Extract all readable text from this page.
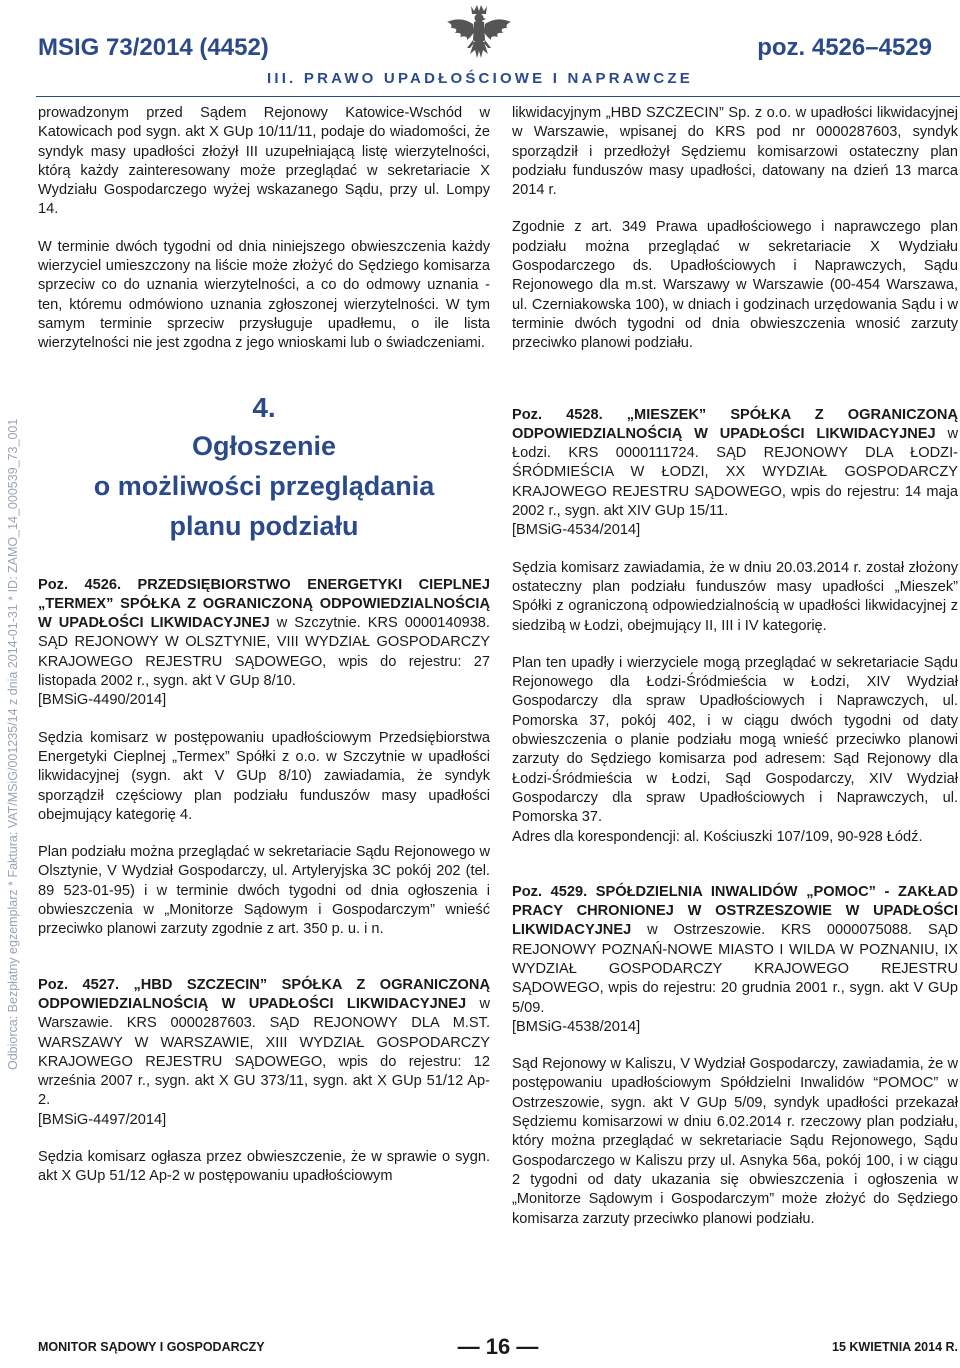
MSIG 73/2014 (4452)	poz. 4526–4529
III. PRAWO UPADŁOŚCIOWE I NAPRAWCZE
Odbiorca: Bezpłatny egzemplarz * Faktura: VAT/MSiG/001235/14 z dnia 2014-01-31 * ID: ZAMO_14_000539_73_001

prowadzonym przed Sądem Rejonowy Katowice-Wschód w Katowicach pod sygn. akt X GUp 10/11/11, podaje do wiadomości, że syndyk masy upadłości złożył III uzupełniającą listę wierzytelności, którą każdy zainteresowany może przeglądać w sekretariacie X Wydziału Gospodarczego wyżej wskazanego Sądu, przy ul. Lompy 14.

W terminie dwóch tygodni od dnia niniejszego obwieszczenia każdy wierzyciel umieszczony na liście może złożyć do Sędziego komisarza sprzeciw co do uznania wierzytelności, a co do odmowy uznania - ten, któremu odmówiono uznania zgłoszonej wierzytelności. W tym samym terminie sprzeciw przysługuje upadłemu, o ile lista wierzytelności nie jest zgodna z jego wnioskami lub o świadczeniami.

4.
Ogłoszenie
o możliwości przeglądania
planu podziału

Poz. 4526. PRZEDSIĘBIORSTWO ENERGETYKI CIEPLNEJ „TERMEX” SPÓŁKA Z OGRANICZONĄ ODPOWIEDZIALNOŚCIĄ W UPADŁOŚCI LIKWIDACYJNEJ w Szczytnie. KRS 0000140938. SĄD REJONOWY W OLSZTYNIE, VIII WYDZIAŁ GOSPODARCZY KRAJOWEGO REJESTRU SĄDOWEGO, wpis do rejestru: 27 listopada 2002 r., sygn. akt V GUp 8/10.

[BMSiG-4490/2014]

Sędzia komisarz w postępowaniu upadłościowym Przedsiębiorstwa Energetyki Cieplnej „Termex” Spółki z o.o. w Szczytnie w upadłości likwidacyjnej (sygn. akt V GUp 8/10) zawiadamia, że syndyk sporządził częściowy plan podziału funduszów masy upadłości obejmujący kategorię 4.

Plan podziału można przeglądać w sekretariacie Sądu Rejonowego w Olsztynie, V Wydział Gospodarczy, ul. Artyleryjska 3C pokój 202 (tel. 89 523-01-95) i w terminie dwóch tygodni od dnia ogłoszenia i obwieszczenia w „Monitorze Sądowym i Gospodarczym” wnieść przeciwko planowi zarzuty zgodnie z art. 350 p. u. i n.

Poz. 4527. „HBD SZCZECIN” SPÓŁKA Z OGRANICZONĄ ODPOWIEDZIALNOŚCIĄ W UPADŁOŚCI LIKWIDACYJNEJ w Warszawie. KRS 0000287603. SĄD REJONOWY DLA M.ST. WARSZAWY W WARSZAWIE, XIII WYDZIAŁ GOSPODARCZY KRAJOWEGO REJESTRU SĄDOWEGO, wpis do rejestru: 12 września 2007 r., sygn. akt X GU 373/11, sygn. akt X GUp 51/12 Ap-2.

[BMSiG-4497/2014]

Sędzia komisarz ogłasza przez obwieszczenie, że w sprawie o sygn. akt X GUp 51/12 Ap-2 w postępowaniu upadłościowym

likwidacyjnym „HBD SZCZECIN” Sp. z o.o. w upadłości likwidacyjnej w Warszawie, wpisanej do KRS pod nr 0000287603, syndyk sporządził i przedłożył Sędziemu komisarzowi ostateczny plan podziału funduszów masy upadłości, datowany na dzień 13 marca 2014 r.

Zgodnie z art. 349 Prawa upadłościowego i naprawczego plan podziału można przeglądać w sekretariacie X Wydziału Gospodarczego ds. Upadłościowych i Naprawczych, Sądu Rejonowego dla m.st. Warszawy w Warszawie (00-454 Warszawa, ul. Czerniakowska 100), w dniach i godzinach urzędowania Sądu i w terminie dwóch tygodni od dnia obwieszczenia wnosić zarzuty przeciwko planowi podziału.

Poz. 4528. „MIESZEK” SPÓŁKA Z OGRANICZONĄ ODPOWIEDZIALNOŚCIĄ W UPADŁOŚCI LIKWIDACYJNEJ w Łodzi. KRS 0000111724. SĄD REJONOWY DLA ŁODZI-ŚRÓDMIEŚCIA W ŁODZI, XX WYDZIAŁ GOSPODARCZY KRAJOWEGO REJESTRU SĄDOWEGO, wpis do rejestru: 14 maja 2002 r., sygn. akt XIV GUp 15/11.

[BMSiG-4534/2014]

Sędzia komisarz zawiadamia, że w dniu 20.03.2014 r. został złożony ostateczny plan podziału funduszów masy upadłości „Mieszek” Spółki z ograniczoną odpowiedzialnością w upadłości likwidacyjnej z siedzibą w Łodzi, obejmujący II, III i IV kategorię.

Plan ten upadły i wierzyciele mogą przeglądać w sekretariacie Sądu Rejonowego dla Łodzi-Śródmieścia w Łodzi, XIV Wydział Gospodarczy dla spraw Upadłościowych i Naprawczych, ul. Pomorska 37, pokój 402, i w ciągu dwóch tygodni od daty obwieszczenia o planie podziału mogą wnieść przeciwko planowi zarzuty do Sędziego komisarza pod adresem: Sąd Rejonowy dla Łodzi-Śródmieścia w Łodzi, Sąd Gospodarczy, XIV Wydział Gospodarczy dla spraw Upadłościowych i Naprawczych, ul. Pomorska 37.

Adres dla korespondencji: al. Kościuszki 107/109, 90-928 Łódź.

Poz. 4529. SPÓŁDZIELNIA INWALIDÓW „POMOC” - ZAKŁAD PRACY CHRONIONEJ W OSTRZESZOWIE W UPADŁOŚCI LIKWIDACYJNEJ w Ostrzeszowie. KRS 0000075088. SĄD REJONOWY POZNAŃ-NOWE MIASTO I WILDA W POZNANIU, IX WYDZIAŁ GOSPODARCZY KRAJOWEGO REJESTRU SĄDOWEGO, wpis do rejestru: 20 grudnia 2001 r., sygn. akt V GUp 5/09.

[BMSiG-4538/2014]

Sąd Rejonowy w Kaliszu, V Wydział Gospodarczy, zawiadamia, że w postępowaniu upadłościowym Spółdzielni Inwalidów “POMOC” w Ostrzeszowie, sygn. akt V GUp 5/09, syndyk upadłości przekazał Sędziemu komisarzowi w dniu 6.02.2014 r. rzeczowy plan podziału, który można przeglądać w sekretariacie Sądu Rejonowego, Sądu Gospodarczego w Kaliszu przy ul. Asnyka 56a, pokój 100, i w ciągu 2 tygodni od daty ukazania się obwieszczenia i ogłoszenia w „Monitorze Sądowym i Gospodarczym” może złożyć do Sędziego komisarza zarzuty przeciwko planowi podziału.

MONITOR SĄDOWY I GOSPODARCZY	— 16 —	15 KWIETNIA 2014 R.
